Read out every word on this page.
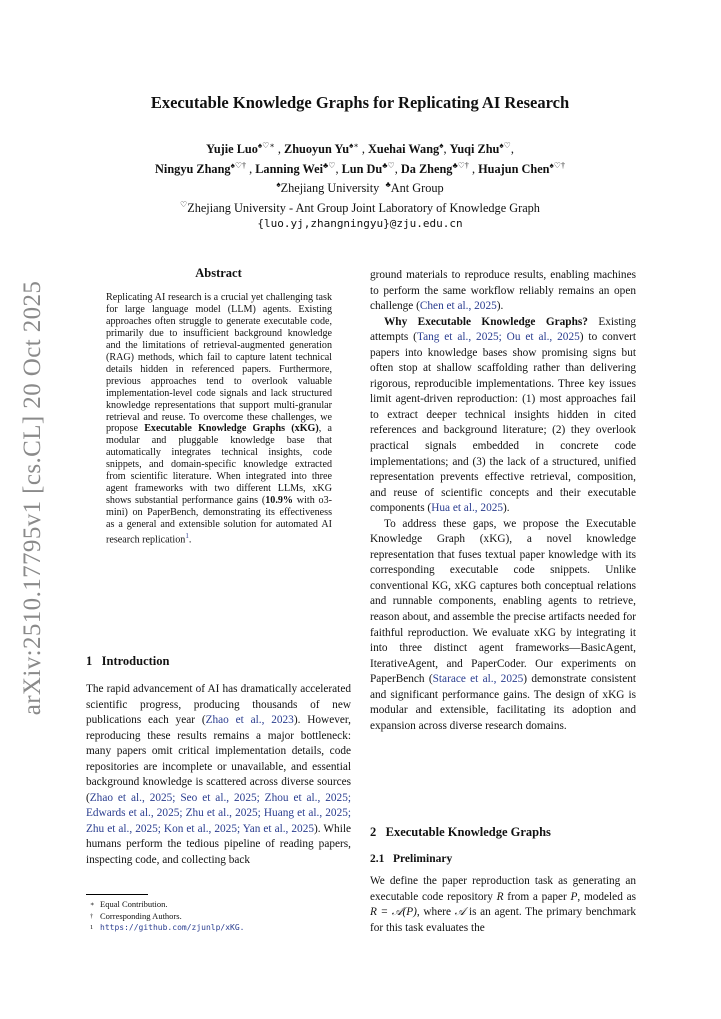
arXiv:2510.17795v1 [cs.CL] 20 Oct 2025
Executable Knowledge Graphs for Replicating AI Research
Yujie Luo♠♡∗ , Zhuoyun Yu♠∗ , Xuehai Wang♠, Yuqi Zhu♠♡,
Ningyu Zhang♠♡† , Lanning Wei♣♡, Lun Du♣♡, Da Zheng♣♡† , Huajun Chen♠♡†
♠Zhejiang University ♣Ant Group
♡Zhejiang University - Ant Group Joint Laboratory of Knowledge Graph
{luo.yj,zhangningyu}@zju.edu.cn
Abstract
Replicating AI research is a crucial yet challenging task for large language model (LLM) agents. Existing approaches often struggle to generate executable code, primarily due to insufficient background knowledge and the limitations of retrieval-augmented generation (RAG) methods, which fail to capture latent technical details hidden in referenced papers. Furthermore, previous approaches tend to overlook valuable implementation-level code signals and lack structured knowledge representations that support multi-granular retrieval and reuse. To overcome these challenges, we propose Executable Knowledge Graphs (xKG), a modular and pluggable knowledge base that automatically integrates technical insights, code snippets, and domain-specific knowledge extracted from scientific literature. When integrated into three agent frameworks with two different LLMs, xKG shows substantial performance gains (10.9% with o3-mini) on PaperBench, demonstrating its effectiveness as a general and extensible solution for automated AI research replication$^1$.
1 Introduction

The rapid advancement of AI has dramatically accelerated scientific progress, producing thousands of new publications each year (Zhao et al., 2023). However, reproducing these results remains a major bottleneck: many papers omit critical implementation details, code repositories are incomplete or unavailable, and essential background knowledge is scattered across diverse sources (Zhao et al., 2025; Seo et al., 2025; Zhou et al., 2025; Edwards et al., 2025; Zhu et al., 2025; Huang et al., 2025; Zhu et al., 2025; Kon et al., 2025; Yan et al., 2025). While humans perform the tedious pipeline of reading papers, inspecting code, and collecting back

∗ Equal Contribution.
† Corresponding Authors.
1 https://github.com/zjunlp/xKG.

ground materials to reproduce results, enabling machines to perform the same workflow reliably remains an open challenge (Chen et al., 2025).

Why Executable Knowledge Graphs? Existing attempts (Tang et al., 2025; Ou et al., 2025) to convert papers into knowledge bases show promising signs but often stop at shallow scaffolding rather than delivering rigorous, reproducible implementations. Three key issues limit agent-driven reproduction: (1) most approaches fail to extract deeper technical insights hidden in cited references and background literature; (2) they overlook practical signals embedded in concrete code implementations; and (3) the lack of a structured, unified representation prevents effective retrieval, composition, and reuse of scientific concepts and their executable components (Hua et al., 2025).

To address these gaps, we propose the Executable Knowledge Graph (xKG), a novel knowledge representation that fuses textual paper knowledge with its corresponding executable code snippets. Unlike conventional KG, xKG captures both conceptual relations and runnable components, enabling agents to retrieve, reason about, and assemble the precise artifacts needed for faithful reproduction. We evaluate xKG by integrating it into three distinct agent frameworks—BasicAgent, IterativeAgent, and PaperCoder. Our experiments on PaperBench (Starace et al., 2025) demonstrate consistent and significant performance gains. The design of xKG is modular and extensible, facilitating its adoption and expansion across diverse research domains.

2 Executable Knowledge Graphs
2.1 Preliminary

We define the paper reproduction task as generating an executable code repository R from a paper P, modeled as R = 𝒜(P), where 𝒜 is an agent. The primary benchmark for this task evaluates the
